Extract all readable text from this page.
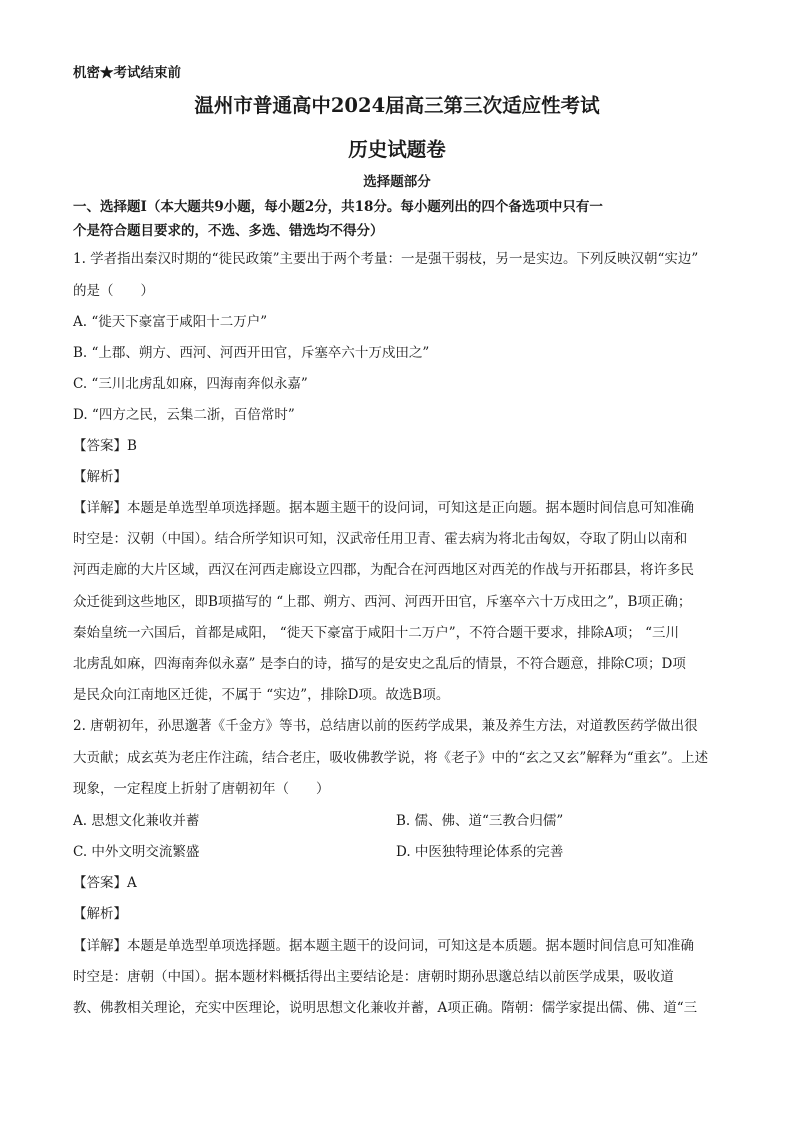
机密★考试结束前
温州市普通高中2024届高三第三次适应性考试
历史试题卷
选择题部分
一、选择题Ⅰ（本大题共9小题，每小题2分，共18分。每小题列出的四个备选项中只有一
个是符合题目要求的，不选、多选、错选均不得分）
1. 学者指出秦汉时期的“徙民政策”主要出于两个考量：一是强干弱枝，另一是实边。下列反映汉朝“实边”
的是（　　）
A. “徙天下豪富于咸阳十二万户”
B. “上郡、朔方、西河、河西开田官，斥塞卒六十万戍田之”
C. “三川北虏乱如麻，四海南奔似永嘉”
D. “四方之民，云集二浙，百倍常时”
【答案】B
【解析】
【详解】本题是单选型单项选择题。据本题主题干的设问词，可知这是正向题。据本题时间信息可知准确
时空是：汉朝（中国）。结合所学知识可知，汉武帝任用卫青、霍去病为将北击匈奴，夺取了阴山以南和
河西走廊的大片区域，西汉在河西走廊设立四郡，为配合在河西地区对西羌的作战与开拓郡县，将许多民
众迁徙到这些地区，即B项描写的 “上郡、朔方、西河、河西开田官，斥塞卒六十万戍田之”，B项正确；
秦始皇统一六国后，首都是咸阳， “徙天下豪富于咸阳十二万户”，不符合题干要求，排除A项； “三川
北虏乱如麻，四海南奔似永嘉” 是李白的诗，描写的是安史之乱后的情景，不符合题意，排除C项；D项
是民众向江南地区迁徙，不属于 “实边”，排除D项。故选B项。
2. 唐朝初年，孙思邈著《千金方》等书，总结唐以前的医药学成果，兼及养生方法，对道教医药学做出很
大贡献；成玄英为老庄作注疏，结合老庄，吸收佛教学说，将《老子》中的“玄之又玄”解释为“重玄”。上述
现象，一定程度上折射了唐朝初年（　　）
A. 思想文化兼收并蓄	B. 儒、佛、道“三教合归儒”
C. 中外文明交流繁盛	D. 中医独特理论体系的完善
【答案】A
【解析】
【详解】本题是单选型单项选择题。据本题主题干的设问词，可知这是本质题。据本题时间信息可知准确
时空是：唐朝（中国）。据本题材料概括得出主要结论是：唐朝时期孙思邈总结以前医学成果，吸收道
教、佛教相关理论，充实中医理论，说明思想文化兼收并蓄，A项正确。隋朝：儒学家提出儒、佛、道“三
